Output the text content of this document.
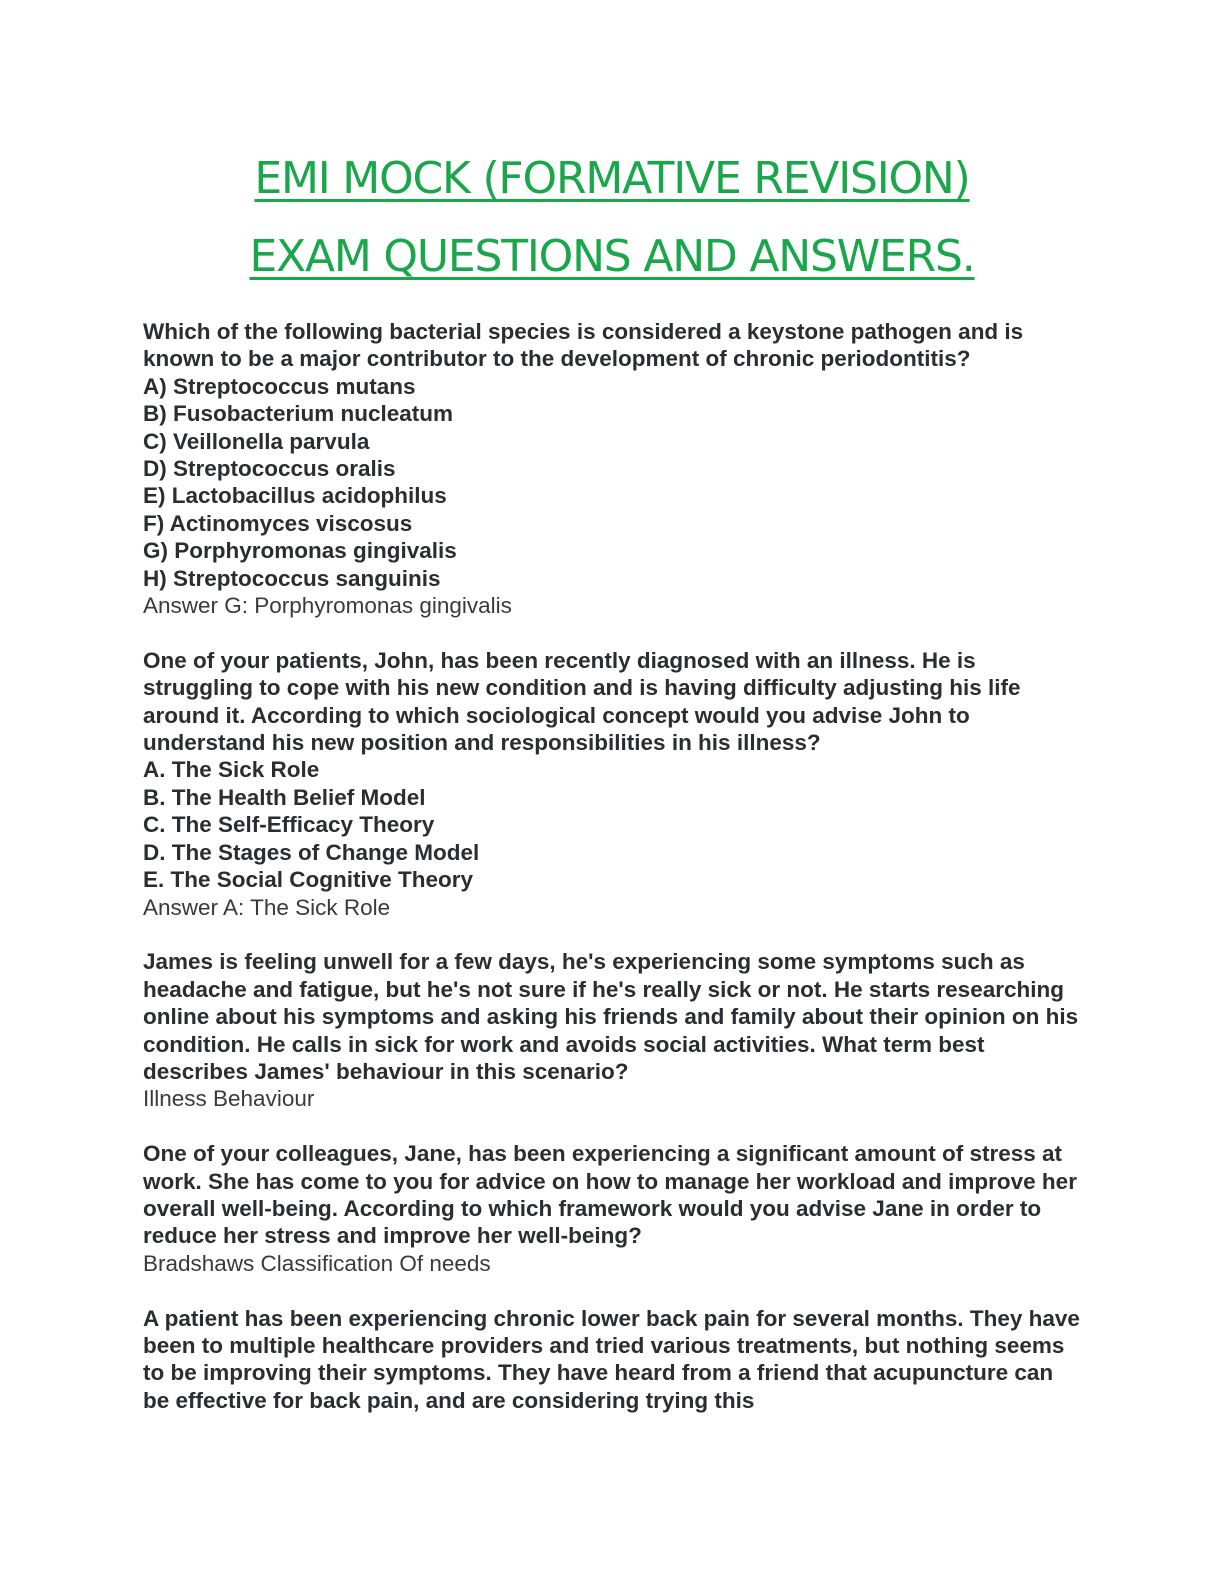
EMI MOCK (FORMATIVE REVISION)
EXAM QUESTIONS AND ANSWERS.
Which of the following bacterial species is considered a keystone pathogen and is known to be a major contributor to the development of chronic periodontitis?
A) Streptococcus mutans
B) Fusobacterium nucleatum
C) Veillonella parvula
D) Streptococcus oralis
E) Lactobacillus acidophilus
F) Actinomyces viscosus
G) Porphyromonas gingivalis
H) Streptococcus sanguinis
Answer G: Porphyromonas gingivalis
One of your patients, John, has been recently diagnosed with an illness. He is struggling to cope with his new condition and is having difficulty adjusting his life around it. According to which sociological concept would you advise John to understand his new position and responsibilities in his illness?
A. The Sick Role
B. The Health Belief Model
C. The Self-Efficacy Theory
D. The Stages of Change Model
E. The Social Cognitive Theory
Answer A: The Sick Role
James is feeling unwell for a few days, he's experiencing some symptoms such as headache and fatigue, but he's not sure if he's really sick or not. He starts researching online about his symptoms and asking his friends and family about their opinion on his condition. He calls in sick for work and avoids social activities. What term best describes James' behaviour in this scenario?
Illness Behaviour
One of your colleagues, Jane, has been experiencing a significant amount of stress at work. She has come to you for advice on how to manage her workload and improve her overall well-being. According to which framework would you advise Jane in order to reduce her stress and improve her well-being?
Bradshaws Classification Of needs
A patient has been experiencing chronic lower back pain for several months. They have been to multiple healthcare providers and tried various treatments, but nothing seems to be improving their symptoms. They have heard from a friend that acupuncture can be effective for back pain, and are considering trying this
